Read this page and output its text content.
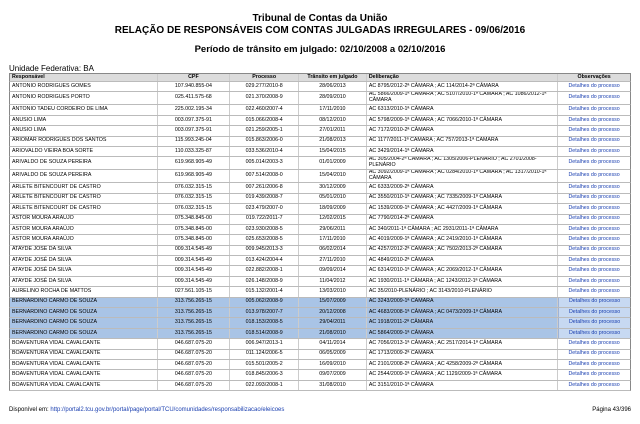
Tribunal de Contas da União
RELAÇÃO DE RESPONSÁVEIS COM CONTAS JULGADAS IRREGULARES - 09/06/2016
Período de trânsito em julgado: 02/10/2008 a 02/10/2016
Unidade Federativa: BA
Responsável	CPF	Processo	Trânsito em julgado	Deliberação	Observações
ANTONIO RODRIGUES GOMES	107.940.855-04	029.277/2010-8	28/06/2013	AC 8795/2012-2ª CÂMARA ; AC 114/2014-2ª CÂMARA	Detalhes do processo
ANTONIO RODRIGUES PORTO	025.411.575-68	021.370/2008-9	28/09/2010	AC 5866/2009-1ª CÂMARA ; AC 5107/2010-1ª CÂMARA ; AC 1086/2012-1ª CÂMARA	Detalhes do processo
ANTONIO TADEU CORDEIRO DE LIMA	225.002.195-34	022.460/2007-4	17/11/2010	AC 6313/2010-1ª CÂMARA	Detalhes do processo
ANUSIO LIMA	003.097.375-91	015.066/2008-4	08/12/2010	AC 5798/2009-1ª CÂMARA ; AC 7066/2010-1ª CÂMARA	Detalhes do processo
ANUSIO LIMA	003.097.375-91	021.259/2005-1	27/01/2011	AC 7172/2010-2ª CÂMARA	Detalhes do processo
ARIOMAR RODRIGUES DOS SANTOS	115.993.245-04	015.863/2006-0	21/08/2013	AC 1177/2011-1ª CÂMARA ; AC 757/2013-1ª CÂMARA	Detalhes do processo
ARIOVALDO VIEIRA BOA SORTE	110.033.325-87	033.536/2010-4	15/04/2015	AC 3429/2014-1ª CÂMARA	Detalhes do processo
ARIVALDO DE SOUZA PEREIRA	619.968.905-49	005.014/2003-3	01/01/2009	AC 305/2004-2ª CÂMARA ; AC 1305/2006-PLENÁRIO ; AC 2701/2008-PLENÁRIO	Detalhes do processo
ARIVALDO DE SOUZA PEREIRA	619.968.905-49	007.514/2008-0	15/04/2010	AC 3092/2009-1ª CÂMARA ; AC 0284/2010-1ª CÂMARA ; AC 1317/2010-1ª CÂMARA	Detalhes do processo
ARLETE BITENCOURT DE CASTRO	076.032.315-15	007.261/2006-8	30/12/2009	AC 6333/2009-2ª CÂMARA	Detalhes do processo
ARLETE BITENCOURT DE CASTRO	076.032.315-15	019.439/2008-7	05/01/2010	AC 3550/2010-1ª CÂMARA ; AC 7335/2009-1ª CÂMARA	Detalhes do processo
ARLETE BITENCOURT DE CASTRO	076.032.315-15	023.479/2007-0	18/09/2009	AC 1539/2009-1ª CÂMARA ; AC 4427/2009-1ª CÂMARA	Detalhes do processo
ASTOR MOURA ARAÚJO	075.348.845-00	019.722/2011-7	12/02/2015	AC 7790/2014-2ª CÂMARA	Detalhes do processo
ASTOR MOURA ARAÚJO	075.348.845-00	023.930/2008-5	29/06/2011	AC 340/2011-1ª CÂMARA ; AC 2931/2011-1ª CÂMARA	Detalhes do processo
ASTOR MOURA ARAÚJO	075.348.845-00	025.653/2008-5	17/11/2010	AC 4019/2009-1ª CÂMARA ; AC 2419/2010-1ª CÂMARA	Detalhes do processo
ATAYDE JOSÉ DA SILVA	009.314.545-49	009.945/2013-3	06/02/2014	AC 4257/2012-2ª CÂMARA ; AC 7502/2013-2ª CÂMARA	Detalhes do processo
ATAYDE JOSÉ DA SILVA	009.314.545-49	013.424/2004-4	27/11/2010	AC 4849/2010-2ª CÂMARA	Detalhes do processo
ATAYDE JOSÉ DA SILVA	009.314.545-49	022.882/2008-1	09/09/2014	AC 6314/2010-1ª CÂMARA ; AC 2069/2012-1ª CÂMARA	Detalhes do processo
ATAYDE JOSÉ DA SILVA	009.314.545-49	026.148/2008-9	11/04/2012	AC 1930/2011-1ª CÂMARA ; AC 1243/2012-1ª CÂMARA	Detalhes do processo
AURELINO ROCHA DE MATTOS	027.561.105-15	015.132/2001-4	13/03/2010	AC 35/2010-PLENÁRIO ; AC 3143/2010-PLENÁRIO	Detalhes do processo
BERNARDINO CARMO DE SOUZA	313.756.265-15	005.062/2008-9	15/07/2009	AC 3243/2009-1ª CÂMARA	Detalhes do processo
BERNARDINO CARMO DE SOUZA	313.756.265-15	013.978/2007-7	20/12/2008	AC 4683/2008-1ª CÂMARA ; AC 0473/2009-1ª CÂMARA	Detalhes do processo
BERNARDINO CARMO DE SOUZA	313.756.265-15	018.153/2008-5	29/04/2011	AC 1918/2011-2ª CÂMARA	Detalhes do processo
BERNARDINO CARMO DE SOUZA	313.756.265-15	018.514/2008-9	21/08/2010	AC 5864/2009-1ª CÂMARA	Detalhes do processo
BOAVENTURA VIDAL CAVALCANTE	046.687.075-20	006.947/2013-1	04/11/2014	AC 7056/2013-1ª CÂMARA ; AC 2517/2014-1ª CÂMARA	Detalhes do processo
BOAVENTURA VIDAL CAVALCANTE	046.687.075-20	011.124/2006-5	06/05/2009	AC 1713/2009-2ª CÂMARA	Detalhes do processo
BOAVENTURA VIDAL CAVALCANTE	046.687.075-20	015.501/2005-2	16/09/2010	AC 2101/2008-2ª CÂMARA ; AC 4258/2009-2ª CÂMARA	Detalhes do processo
BOAVENTURA VIDAL CAVALCANTE	046.687.075-20	018.845/2006-3	09/07/2009	AC 2544/2009-1ª CÂMARA ; AC 1129/2009-1ª CÂMARA	Detalhes do processo
BOAVENTURA VIDAL CAVALCANTE	046.687.075-20	022.093/2008-1	31/08/2010	AC 3151/2010-1ª CÂMARA	Detalhes do processo
Disponível em: http://portal2.tcu.gov.br/portal/page/portal/TCU/comunidades/responsabilizacao/eleicoes	Página 43/396
